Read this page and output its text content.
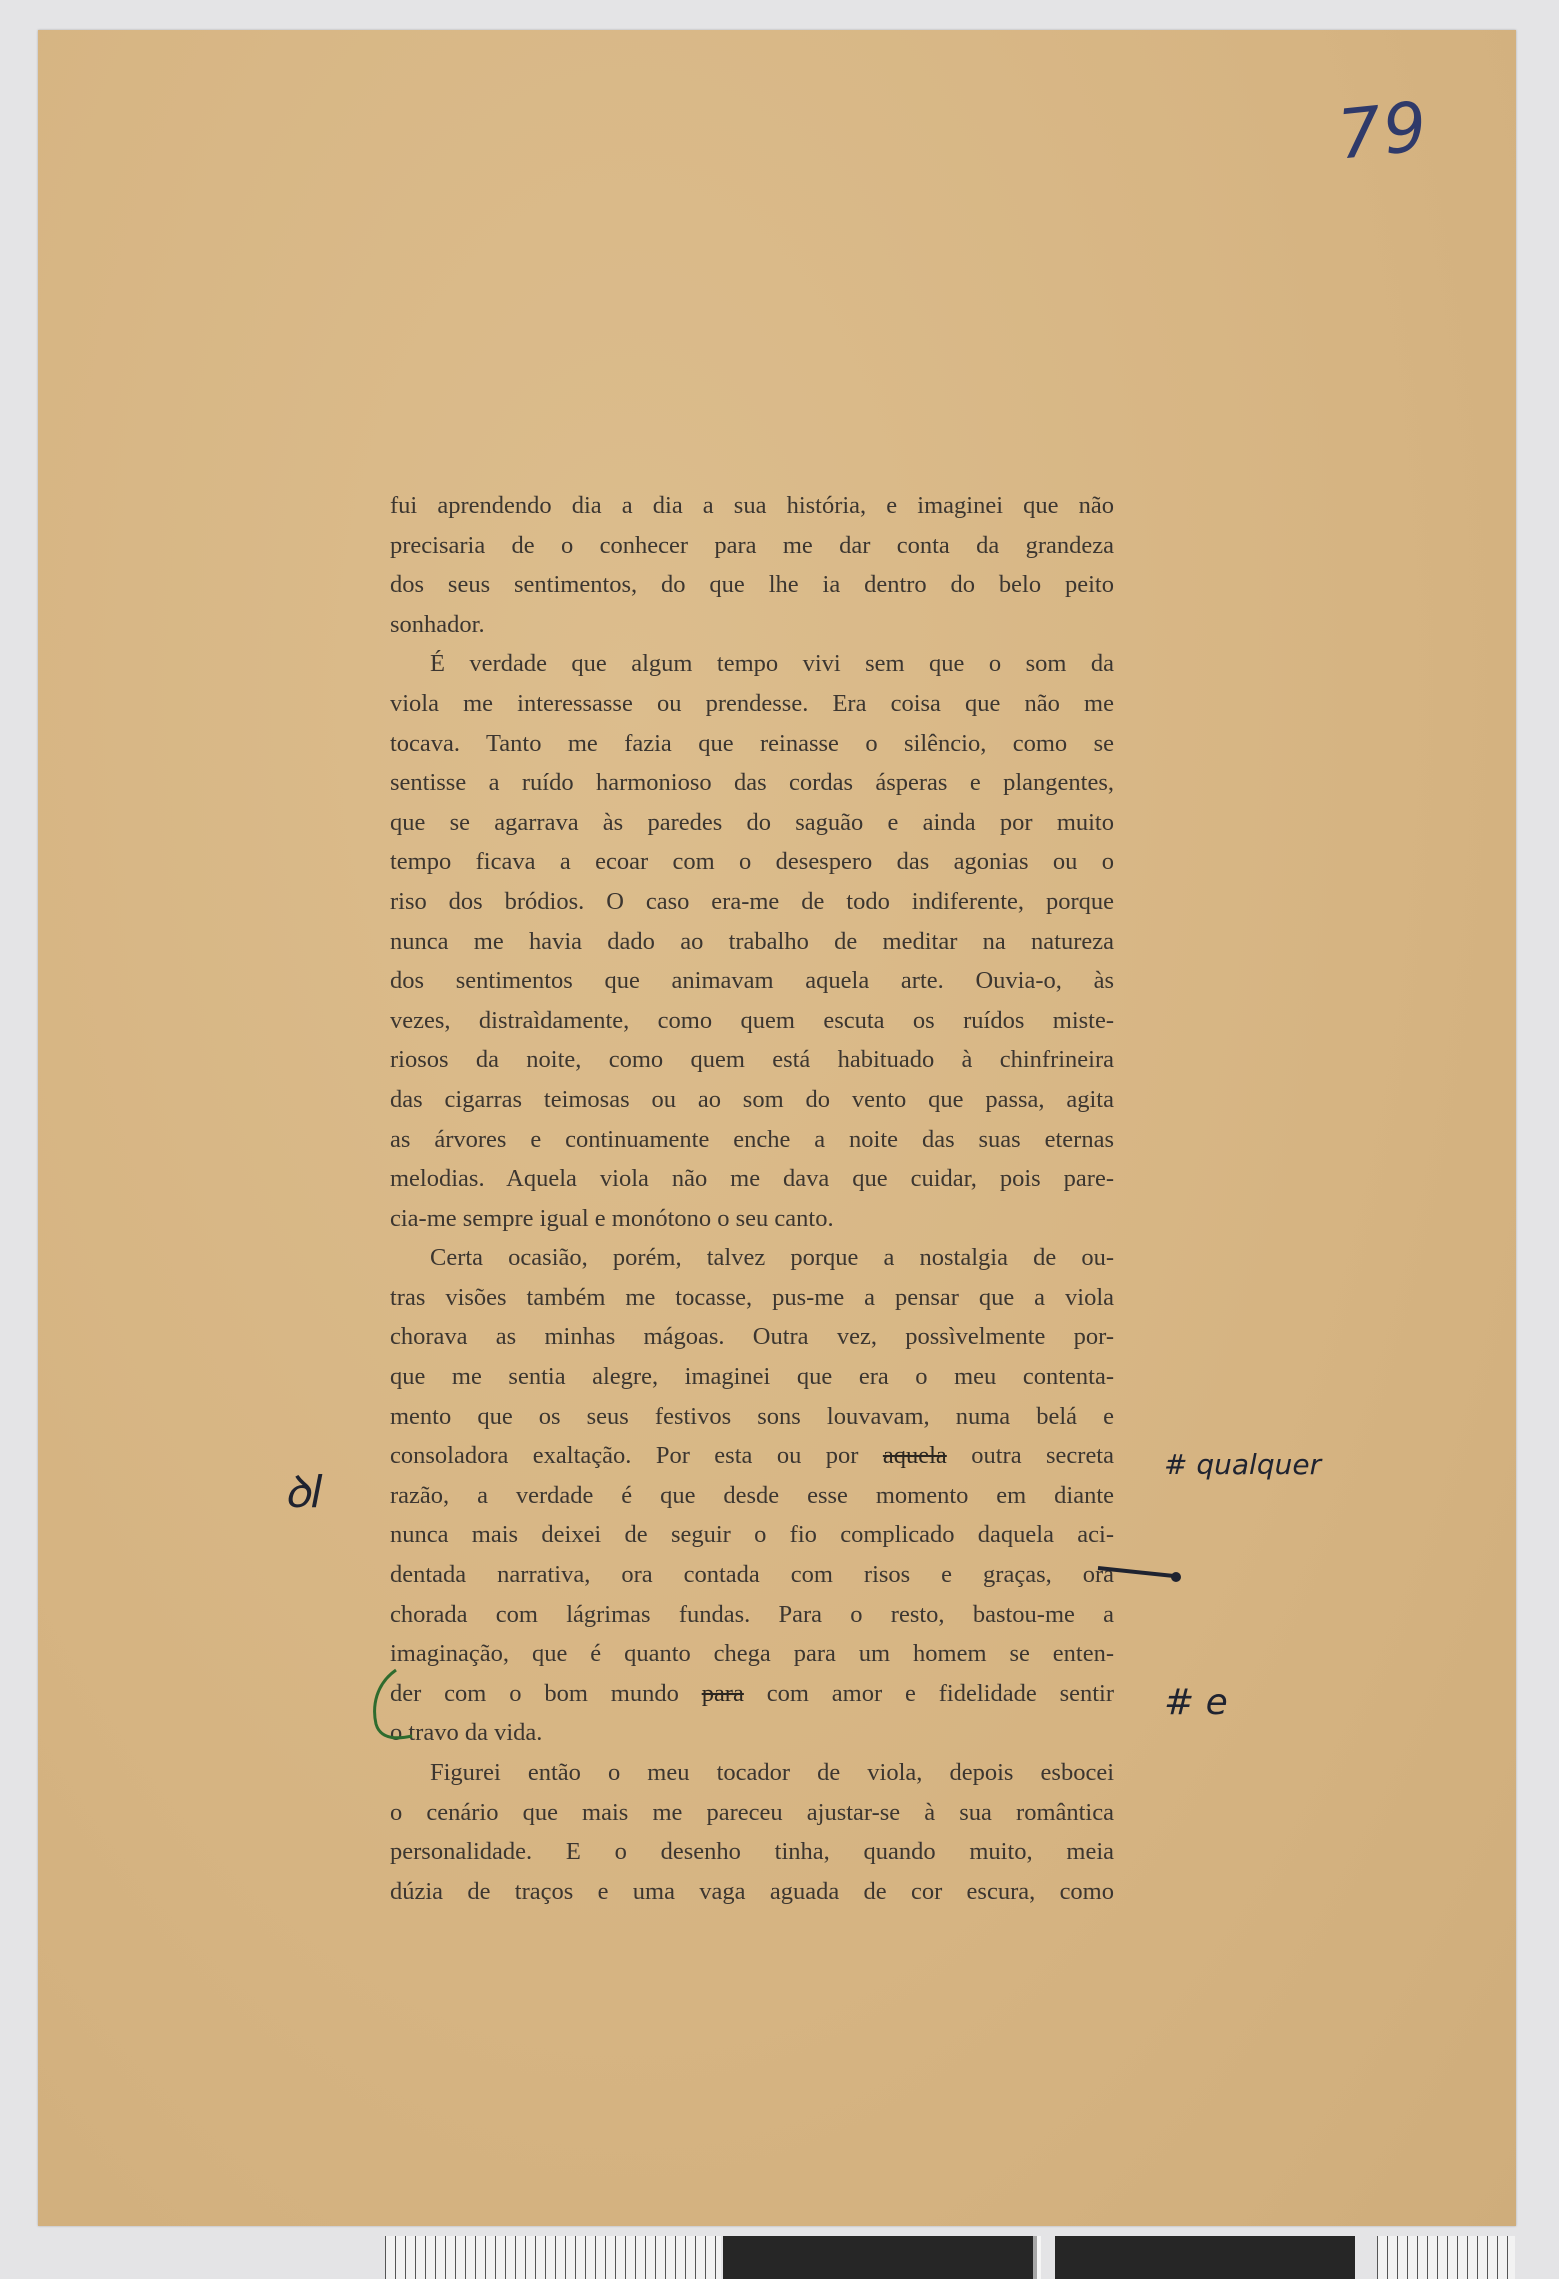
79
fui aprendendo dia a dia a sua história, e imaginei que não
precisaria de o conhecer para me dar conta da grandeza
dos seus sentimentos, do que lhe ia dentro do belo peito
sonhador.
É verdade que algum tempo vivi sem que o som da
viola me interessasse ou prendesse. Era coisa que não me
tocava. Tanto me fazia que reinasse o silêncio, como se
sentisse a ruído harmonioso das cordas ásperas e plangentes,
que se agarrava às paredes do saguão e ainda por muito
tempo ficava a ecoar com o desespero das agonias ou o
riso dos bródios. O caso era-me de todo indiferente, porque
nunca me havia dado ao trabalho de meditar na natureza
dos sentimentos que animavam aquela arte. Ouvia-o, às
vezes, distraìdamente, como quem escuta os ruídos miste-
riosos da noite, como quem está habituado à chinfrineira
das cigarras teimosas ou ao som do vento que passa, agita
as árvores e continuamente enche a noite das suas eternas
melodias. Aquela viola não me dava que cuidar, pois pare-
cia-me sempre igual e monótono o seu canto.
Certa ocasião, porém, talvez porque a nostalgia de ou-
tras visões também me tocasse, pus-me a pensar que a viola
chorava as minhas mágoas. Outra vez, possìvelmente por-
que me sentia alegre, imaginei que era o meu contenta-
mento que os seus festivos sons louvavam, numa belá e
consoladora exaltação. Por esta ou por aquela outra secreta
razão, a verdade é que desde esse momento em diante
nunca mais deixei de seguir o fio complicado daquela aci-
dentada narrativa, ora contada com risos e graças, ora
chorada com lágrimas fundas. Para o resto, bastou-me a
imaginação, que é quanto chega para um homem se enten-
der com o bom mundo para com amor e fidelidade sentir
o travo da vida.
Figurei então o meu tocador de viola, depois esbocei
o cenário que mais me pareceu ajustar-se à sua romântica
personalidade. E o desenho tinha, quando muito, meia
dúzia de traços e uma vaga aguada de cor escura, como
ꝺl
# qualquer
# e
